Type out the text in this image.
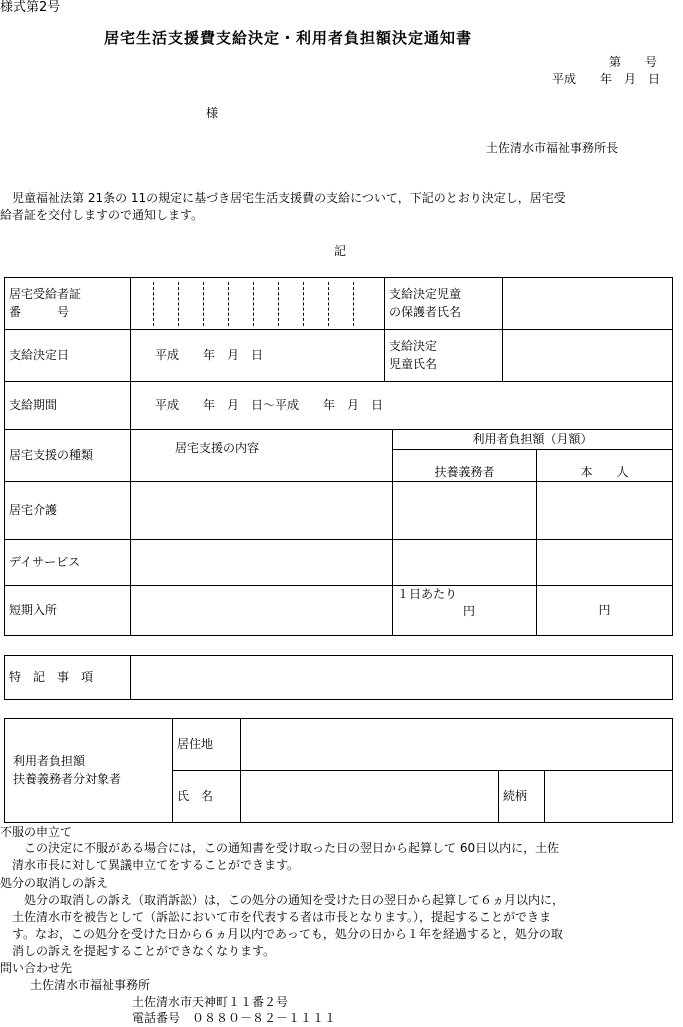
様式第2号
居宅生活支援費支給決定・利用者負担額決定通知書
第　　号
平成　　年　月　日
様
土佐清水市福祉事務所長
児童福祉法第 21条の 11の規定に基づき居宅生活支援費の支給について，下記のとおり決定し，居宅受
給者証を交付しますので通知します。
記
居宅受給者証
番　　　号		支給決定児童
の保護者氏名			
支給決定日	平成　　年　月　日	支給決定
児童氏名			
支給期間	平成　　年　月　日～平成　　年　月　日				
居宅支援の種類	居宅支援の内容		利用者負担額（月額）		
			扶養義務者		本　　人
居宅介護					
デイサービス					
短期入所			１日あたり
円		円
特　記　事　項	
利用者負担額
扶養義務者分対象者	居住地			
	氏　名		続柄	
不服の申立て
　　この決定に不服がある場合には，この通知書を受け取った日の翌日から起算して 60日以内に，土佐
　清水市長に対して異議申立てをすることができます。
処分の取消しの訴え
　　処分の取消しの訴え（取消訴訟）は，この処分の通知を受けた日の翌日から起算して６ヵ月以内に，
　土佐清水市を被告として（訴訟において市を代表する者は市長となります。），提起することができま
　す。なお，この処分を受けた日から６ヵ月以内であっても，処分の日から１年を経過すると，処分の取
　消しの訴えを提起することができなくなります。
問い合わせ先
土佐清水市福祉事務所
土佐清水市天神町１１番２号
電話番号　０８８０－８２－１１１１
